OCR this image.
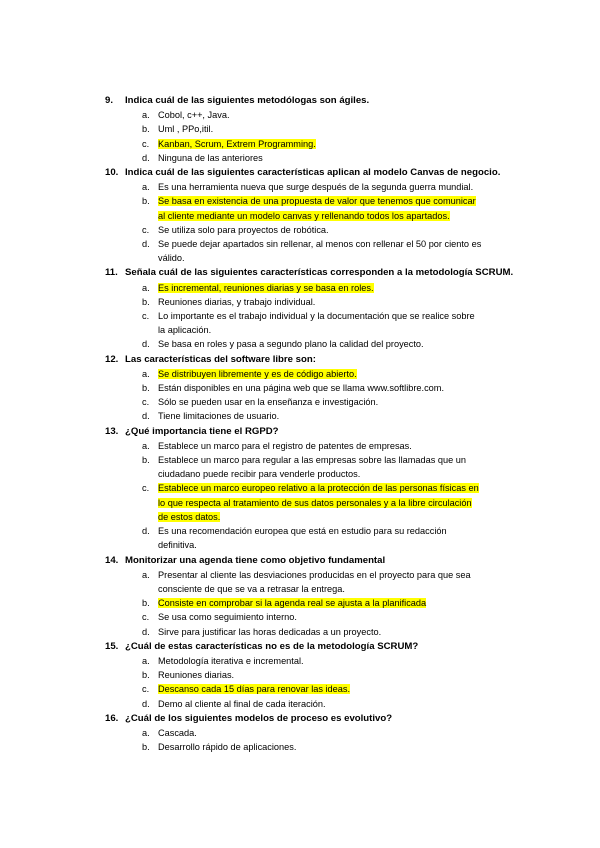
9. Indica cuál de las siguientes metodólogas son ágiles.
a. Cobol, c++, Java.
b. Uml , PPo,itil.
c. Kanban, Scrum, Extrem Programming.
d. Ninguna de las anteriores
10. Indica cuál de las siguientes características aplican al modelo Canvas de negocio.
a. Es una herramienta nueva que surge después de la segunda guerra mundial.
b. Se basa en existencia de una propuesta de valor que tenemos que comunicar
al cliente mediante un modelo canvas y rellenando todos los apartados.
c. Se utiliza solo para proyectos de robótica.
d. Se puede dejar apartados sin rellenar, al menos con rellenar el 50 por ciento es
válido.
11. Señala cuál de las siguientes características corresponden a la metodología SCRUM.
a. Es incremental, reuniones diarias y se basa en roles.
b. Reuniones diarias, y trabajo individual.
c. Lo importante es el trabajo individual y la documentación que se realice sobre
la aplicación.
d. Se basa en roles y pasa a segundo plano la calidad del proyecto.
12. Las características del software libre son:
a. Se distribuyen libremente y es de código abierto.
b. Están disponibles en una página web que se llama www.softlibre.com.
c. Sólo se pueden usar en la enseñanza e investigación.
d. Tiene limitaciones de usuario.
13. ¿Qué importancia tiene el RGPD?
a. Establece un marco para el registro de patentes de empresas.
b. Establece un marco para regular a las empresas sobre las llamadas que un
ciudadano puede recibir para venderle productos.
c. Establece un marco europeo relativo a la protección de las personas físicas en
lo que respecta al tratamiento de sus datos personales y a la libre circulación
de estos datos.
d. Es una recomendación europea que está en estudio para su redacción
definitiva.
14. Monitorizar una agenda tiene como objetivo fundamental
a. Presentar al cliente las desviaciones producidas en el proyecto para que sea
consciente de que se va a retrasar la entrega.
b. Consiste en comprobar si la agenda real se ajusta a la planificada
c. Se usa como seguimiento interno.
d. Sirve para justificar las horas dedicadas a un proyecto.
15. ¿Cuál de estas características no es de la metodología SCRUM?
a. Metodología iterativa e incremental.
b. Reuniones diarias.
c. Descanso cada 15 días para renovar las ideas.
d. Demo al cliente al final de cada iteración.
16. ¿Cuál de los siguientes modelos de proceso es evolutivo?
a. Cascada.
b. Desarrollo rápido de aplicaciones.
